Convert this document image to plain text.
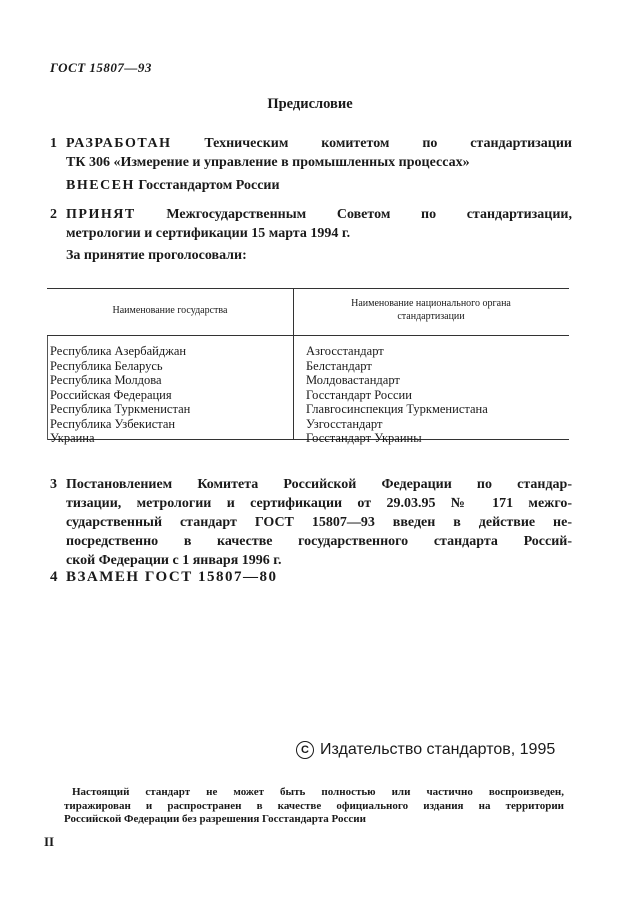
ГОСТ 15807—93
Предисловие
1 РАЗРАБОТАН Техническим комитетом по стандартизации
ТК 306 «Измерение и управление в промышленных процессах»
ВНЕСЕН Госстандартом России
2 ПРИНЯТ Межгосударственным Советом по стандартизации,
метрологии и сертификации 15 марта 1994 г.
За принятие проголосовали:
Наименование государства
Наименование национального органа стандартизации
Республика Азербайджан
Республика Беларусь
Республика Молдова
Российская Федерация
Республика Туркменистан
Республика Узбекистан
Украина
Азгосстандарт
Белстандарт
Молдовастандарт
Госстандарт России
Главгосинспекция Туркменистана
Узгосстандарт
Госстандарт Украины
3 Постановлением Комитета Российской Федерации по стандар-
тизации, метрологии и сертификации от 29.03.95 № 171 межго-
сударственный стандарт ГОСТ 15807—93 введен в действие не-
посредственно в качестве государственного стандарта Россий-
ской Федерации с 1 января 1996 г.
4 ВЗАМЕН ГОСТ 15807—80
C Издательство стандартов, 1995
Настоящий стандарт не может быть полностью или частично воспроизведен,
тиражирован и распространен в качестве официального издания на территории
Российской Федерации без разрешения Госстандарта России
II
